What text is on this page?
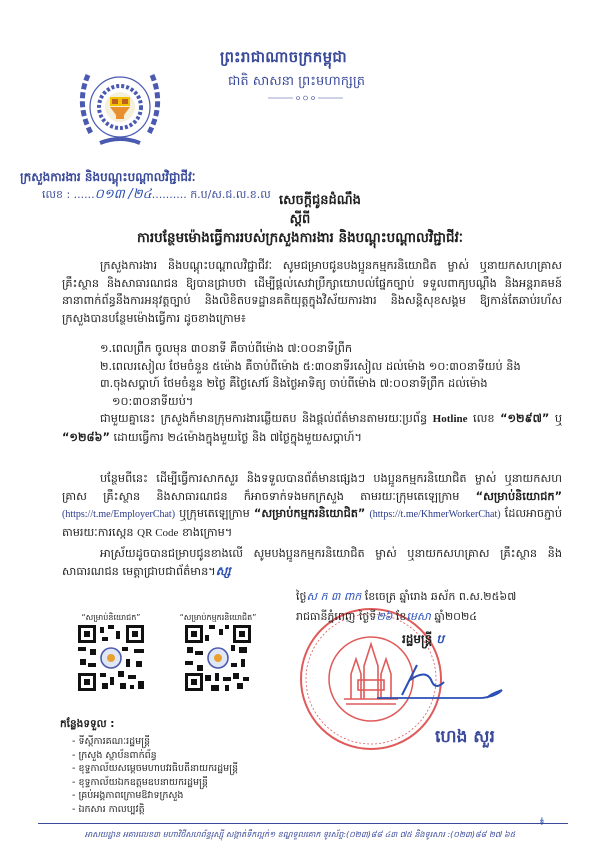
ព្រះរាជាណាចក្រកម្ពុជា
ជាតិ សាសនា ព្រះមហាក្សត្រ
ក្រសួងការងារ និងបណ្តុះបណ្តាលវិជ្ជាជីវៈ
លេខ : ......០១៣ /២៤.......... ក.ប/ស.ជ.ល.ខ.ល សេចក្តីជូនដំណឹង
ស្តីពី
ការបន្ថែមម៉ោងធ្វើការរបស់ក្រសួងការងារ និងបណ្តុះបណ្តាលវិជ្ជាជីវៈ
ក្រសួងការងារ និងបណ្តុះបណ្តាលវិជ្ជាជីវៈ សូមជម្រាបជូនបងប្អូនកម្មករនិយោជិត ម្ចាស់ ឬនាយកសហគ្រាស គ្រឹះស្ថាន និងសាធារណជន ឱ្យបានជ្រាបថា ដើម្បីផ្តល់សេវាប្រឹក្សាយោបល់ផ្នែកច្បាប់ ទទួលពាក្យបណ្តឹង និងអន្តរាគមន៍នានាពាក់ព័ន្ធនឹងការអនុវត្តច្បាប់ និងលិខិតបទដ្ឋានគតិយុត្តក្នុងវិស័យការងារ និងសន្តិសុខសង្គម ឱ្យកាន់តែឆាប់រហ័ស ក្រសួងបានបន្ថែមម៉ោងធ្វើការ ដូចខាងក្រោម៖
១.ពេលព្រឹក ចូលមុន ៣០នាទី គឺចាប់ពីម៉ោង ៧:០០នាទីព្រឹក
២.ពេលរសៀល ថែមចំនួន ៥ម៉ោង គឺចាប់ពីម៉ោង ៥:៣០នាទីរសៀល ដល់ម៉ោង ១០:៣០នាទីយប់ និង
៣.ចុងសប្តាហ៍ ថែមចំនួន ២ថ្ងៃ គឺថ្ងៃសៅរ៍ និងថ្ងៃអាទិត្យ ចាប់ពីម៉ោង ៧:០០នាទីព្រឹក ដល់ម៉ោង
១០:៣០នាទីយប់។
ជាមួយគ្នានេះ ក្រសួងក៏មានក្រុមការងារឆ្លើយតប និងផ្តល់ព័ត៌មានតាមរយៈប្រព័ន្ធ Hotline លេខ “១២៩៧” ឬ “១២៨៦” ដោយធ្វើការ ២៤ម៉ោងក្នុងមួយថ្ងៃ និង ៧ថ្ងៃក្នុងមួយសប្តាហ៍។
បន្ថែមពីនេះ ដើម្បីធ្វើការសាកសួរ និងទទួលបានព័ត៌មានផ្សេងៗ បងប្អូនកម្មករនិយោជិត ម្ចាស់ ឬនាយកសហគ្រាស គ្រឹះស្ថាន និងសាធារណជន ក៏អាចទាក់ទងមកក្រសួង តាមរយៈក្រុមតេឡេក្រាម “សម្រាប់និយោជក” (https://t.me/EmployerChat) ឬក្រុមតេឡេក្រាម “សម្រាប់កម្មករនិយោជិត” (https://t.me/KhmerWorkerChat) ដែលអាចភ្ជាប់តាមរយៈការស្កេន QR Code ខាងក្រោម។
អាស្រ័យដូចបានជម្រាបជូនខាងលើ សូមបងប្អូនកម្មករនិយោជិត ម្ចាស់ ឬនាយកសហគ្រាស គ្រឹះស្ថាន និងសាធារណជន មេត្តាជ្រាបជាព័ត៌មាន។ស្ស
“សម្រាប់និយោជក”	“សម្រាប់កម្មករនិយោជិត”
ថ្ងៃស ក ៣ ពាក ខែចេត្រ ឆ្នាំរោង ឆស័ក ព.ស.២៥៦៧
រាជធានីភ្នំពេញ ថ្ងៃទី២៦ ខែមេសា ឆ្នាំ២០២៤
រដ្ឋមន្ត្រី ប
ហេង សួរ
កន្លែងទទួល :
- ទីស្តីការគណៈរដ្ឋមន្ត្រី
- ក្រសួង ស្ថាប័នពាក់ព័ន្ធ
- ខុទ្ទកាល័យសម្តេចមហាបវរធិបតីនាយករដ្ឋមន្ត្រី
- ខុទ្ទកាល័យឯកឧត្តមឧបនាយករដ្ឋមន្ត្រី
- គ្រប់អង្គភាពក្រោមឱវាទក្រសួង
- ឯកសារ កាលប្បវត្តិ
អាសយដ្ឋាន អគារលេខ៣ មហាវិថីសហព័ន្ធរុស្ស៊ី សង្កាត់ទឹកល្អក់១ ខណ្ឌទួលគោក ទូរស័ព្ទ:(០២៣)៨៨ ៤៣ ៧៥ និងទូរសារ :(០២៣)៨៨ ២៧ ៦៥
